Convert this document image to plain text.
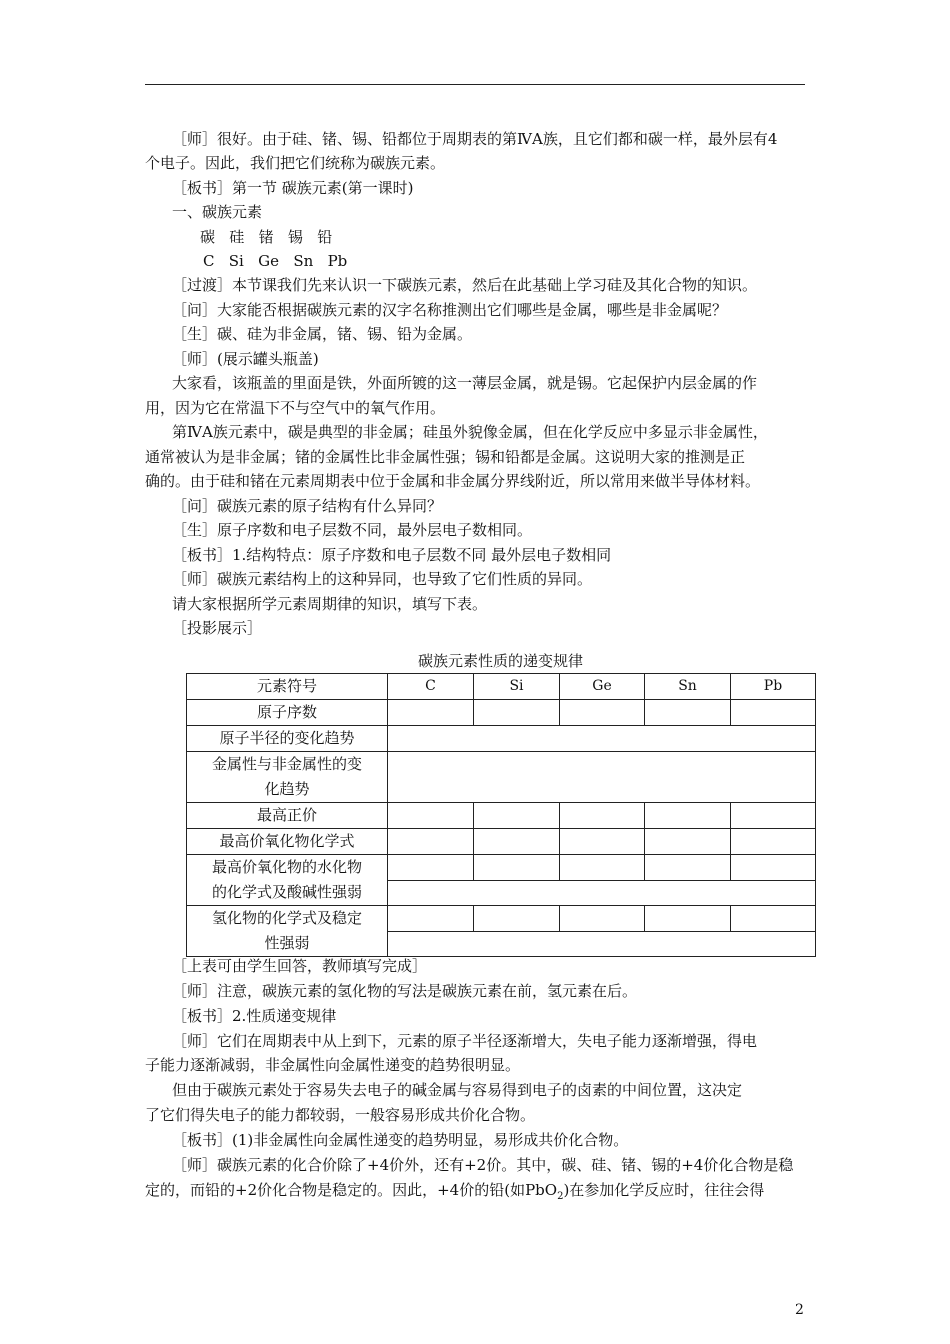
［师］很好。由于硅、锗、锡、铅都位于周期表的第ⅣA族，且它们都和碳一样，最外层有4
个电子。因此，我们把它们统称为碳族元素。
［板书］第一节 碳族元素(第一课时)
一、碳族元素
碳   硅   锗   锡   铅
C   Si   Ge   Sn   Pb
［过渡］本节课我们先来认识一下碳族元素，然后在此基础上学习硅及其化合物的知识。
［问］大家能否根据碳族元素的汉字名称推测出它们哪些是金属，哪些是非金属呢？
［生］碳、硅为非金属，锗、锡、铅为金属。
［师］(展示罐头瓶盖)
大家看，该瓶盖的里面是铁，外面所镀的这一薄层金属，就是锡。它起保护内层金属的作
用，因为它在常温下不与空气中的氧气作用。
第ⅣA族元素中，碳是典型的非金属；硅虽外貌像金属，但在化学反应中多显示非金属性，
通常被认为是非金属；锗的金属性比非金属性强；锡和铅都是金属。这说明大家的推测是正
确的。由于硅和锗在元素周期表中位于金属和非金属分界线附近，所以常用来做半导体材料。
［问］碳族元素的原子结构有什么异同？
［生］原子序数和电子层数不同，最外层电子数相同。
［板书］1.结构特点：原子序数和电子层数不同 最外层电子数相同
［师］碳族元素结构上的这种异同，也导致了它们性质的异同。
请大家根据所学元素周期律的知识，填写下表。
［投影展示］
碳族元素性质的递变规律
元素符号	C	Si	Ge	Sn	Pb
原子序数					
原子半径的变化趋势					

金属性与非金属性的变
化趋势					

最高正价					
最高价氧化物化学式					

最高价氧化物的水化物
的化学式及酸碱性强弱					

氢化物的化学式及稳定
性强弱					

［上表可由学生回答，教师填写完成］
［师］注意，碳族元素的氢化物的写法是碳族元素在前，氢元素在后。
［板书］2.性质递变规律
［师］它们在周期表中从上到下，元素的原子半径逐渐增大，失电子能力逐渐增强，得电
子能力逐渐减弱，非金属性向金属性递变的趋势很明显。
但由于碳族元素处于容易失去电子的碱金属与容易得到电子的卤素的中间位置，这决定
了它们得失电子的能力都较弱，一般容易形成共价化合物。
［板书］(1)非金属性向金属性递变的趋势明显，易形成共价化合物。
［师］碳族元素的化合价除了+4价外，还有+2价。其中，碳、硅、锗、锡的+4价化合物是稳
定的，而铅的+2价化合物是稳定的。因此，+4价的铅(如PbO$_2$)在参加化学反应时，往往会得
2
